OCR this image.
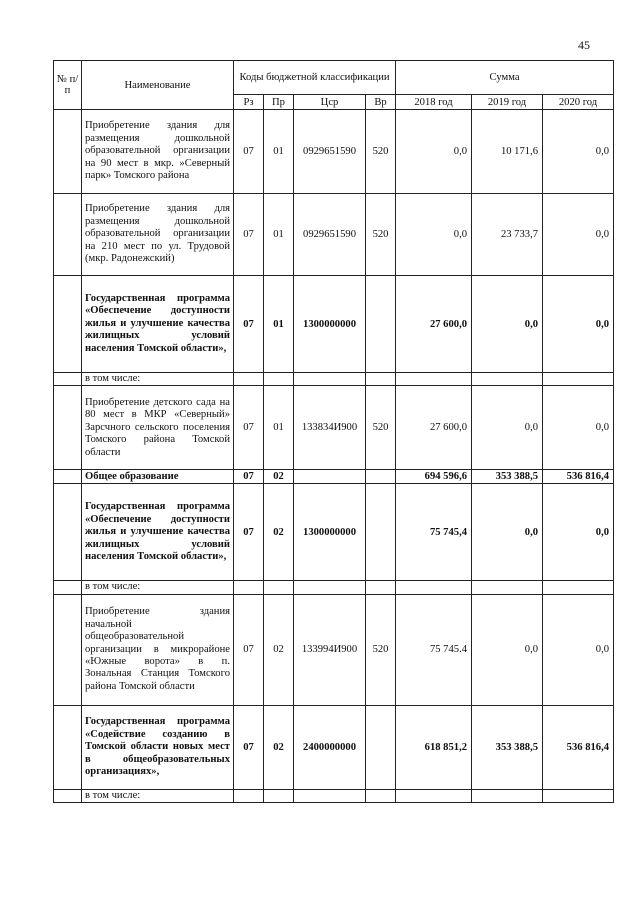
45
№ п/п	Наименование	Коды бюджетной классификации				Сумма		
		Рз	Пр	Цср	Вр	2018 год	2019 год	2020 год
	Приобретение здания для размещения дошкольной образовательной организации на 90 мест в мкр. »Северный парк» Томского района	07	01	0929651590	520	0,0	10 171,6	0,0
	Приобретение здания для размещения дошкольной образовательной организации на 210 мест по ул. Трудовой (мкр. Радонежский)	07	01	0929651590	520	0,0	23 733,7	0,0
	Государственная программа «Обеспечение доступности жилья и улучшение качества жилищных условий населения Томской области»,	07	01	1300000000		27 600,0	0,0	0,0
	в том числе:							
	Приобретение детского сада на 80 мест в МКР «Северный» Зарсчного сельского поселения Томского района Томской области	07	01	133834И900	520	27 600,0	0,0	0,0
	Общее образование	07	02			694 596,6	353 388,5	536 816,4
	Государственная программа «Обеспечение доступности жилья и улучшение качества жилищных условий населения Томской области»,	07	02	1300000000		75 745,4	0,0	0,0
	в том числе:							
	Приобретение здания начальной общеобразовательной организации в микрорайоне «Южные ворота» в п. Зональная Станция Томского района Томской области	07	02	133994И900	520	75 745.4	0,0	0,0
	Государственная программа «Содействие созданию в Томской области новых мест в общеобразовательных организациях»,	07	02	2400000000		618 851,2	353 388,5	536 816,4
	в том числе:							
